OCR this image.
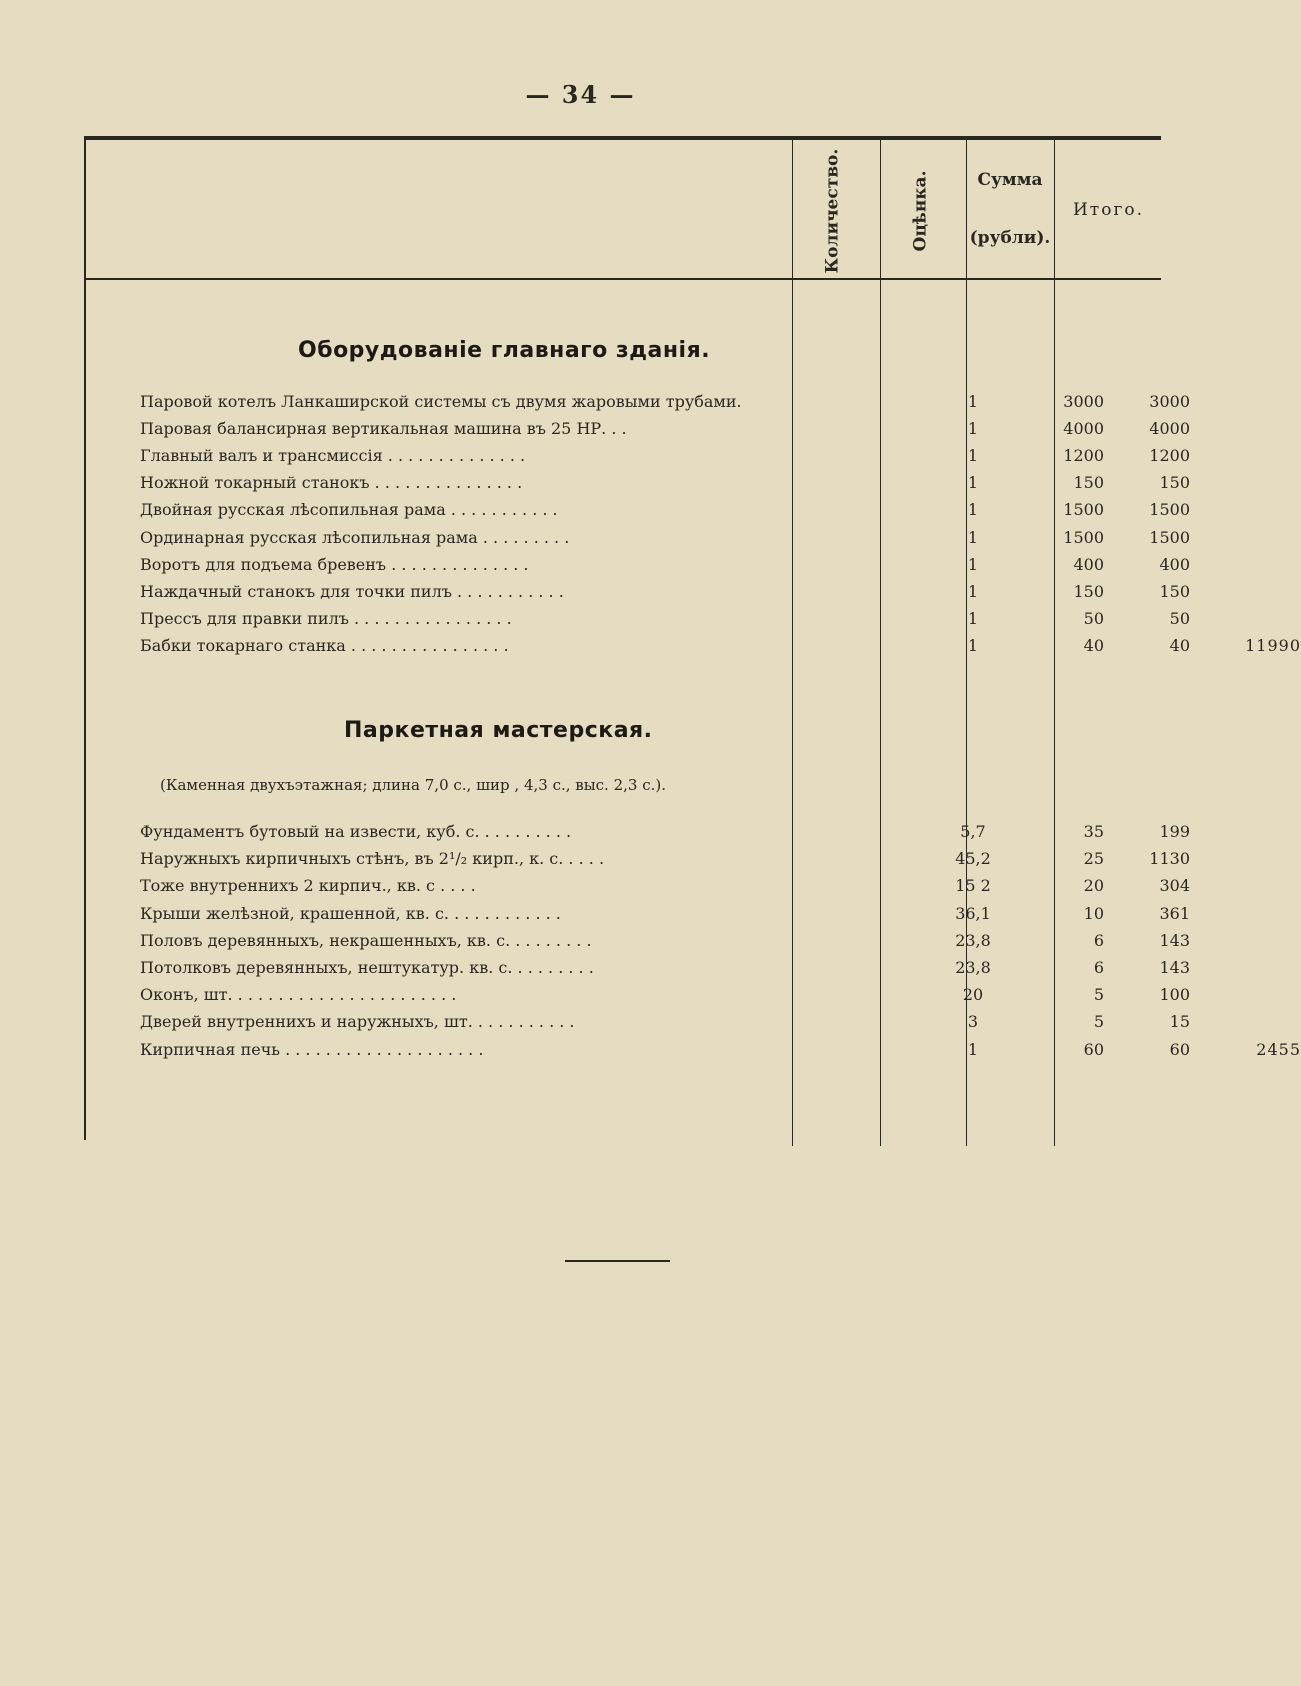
— 34 —
Количество.	Оцѣнка.	Сумма
(рубли).
Итого.
Оборудованіе главнаго зданія.
Паровой котелъ Ланкаширской системы съ двумя жаровыми трубами.	1	3000	3000
Паровая балансирная вертикальная машина въ 25 НР. . .	1	4000	4000
Главный валъ и трансмиссія . . . . . . . . . . . . . .	1	1200	1200
Ножной токарный станокъ . . . . . . . . . . . . . . .	1	150	150
Двойная русская лѣсопильная рама . . . . . . . . . . .	1	1500	1500
Ординарная русская лѣсопильная рама . . . . . . . . .	1	1500	1500
Воротъ для подъема бревенъ . . . . . . . . . . . . . .	1	400	400
Наждачный станокъ для точки пилъ . . . . . . . . . . .	1	150	150
Прессъ для правки пилъ . . . . . . . . . . . . . . . .	1	50	50
Бабки токарнаго станка . . . . . . . . . . . . . . . .	1	40	40	11990
Паркетная мастерская.
(Каменная двухъэтажная; длина 7,0 с., шир , 4,3 с., выс. 2,3 с.).
Фундаментъ бутовый на извести, куб. с. . . . . . . . . .	5,7	35	199
Наружныхъ кирпичныхъ стѣнъ, въ 2¹/₂ кирп., к. с. . . . .	45,2	25	1130
Тоже внутреннихъ 2 кирпич., кв. с . . . .	15 2	20	304
Крыши желѣзной, крашенной, кв. с. . . . . . . . . . . .	36,1	10	361
Половъ деревянныхъ, некрашенныхъ, кв. с. . . . . . . . .	23,8	6	143
Потолковъ деревянныхъ, нештукатур. кв. с. . . . . . . . .	23,8	6	143
Оконъ, шт. . . . . . . . . . . . . . . . . . . . . . .	20	5	100
Дверей внутреннихъ и наружныхъ, шт. . . . . . . . . . .	3	5	15
Кирпичная печь . . . . . . . . . . . . . . . . . . . .	1	60	60	2455
